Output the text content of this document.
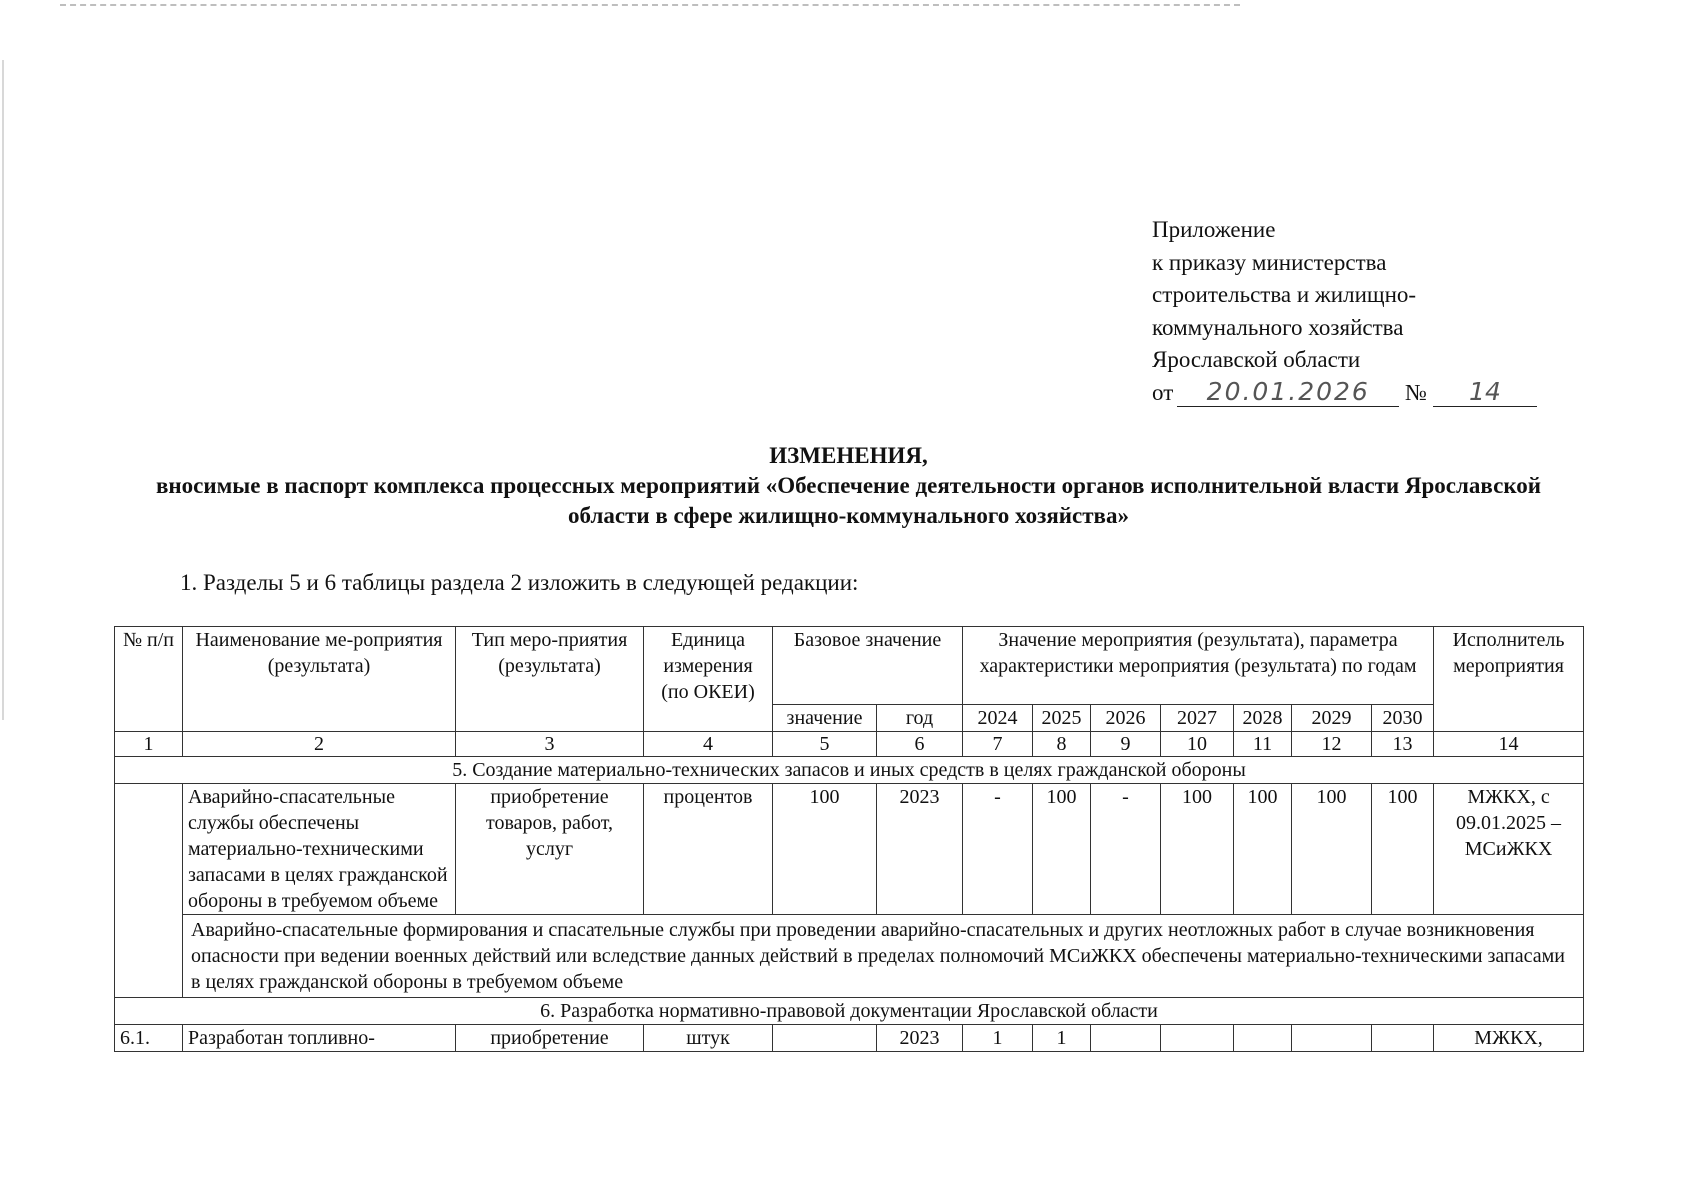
Приложение
к приказу министерства
строительства и жилищно-
коммунального хозяйства
Ярославской области
от 20.01.2026 № 14
ИЗМЕНЕНИЯ,
вносимые в паспорт комплекса процессных мероприятий «Обеспечение деятельности органов исполнительной власти Ярославской области в сфере жилищно-коммунального хозяйства»
1. Разделы 5 и 6 таблицы раздела 2 изложить в следующей редакции:
№ п/п	Наименование ме-роприятия (результата)	Тип меро-приятия (результата)	Единица измерения (по ОКЕИ)	Базовое значение		Значение мероприятия (результата), параметра характеристики мероприятия (результата) по годам							Исполнитель мероприятия
				значение	год	2024	2025	2026	2027	2028	2029	2030	
1	2	3	4	5	6	7	8	9	10	11	12	13	14
5. Создание материально-технических запасов и иных средств в целях гражданской обороны													
	Аварийно-спасательные службы обеспечены материально-техническими запасами в целях гражданской обороны в требуемом объеме	приобретение товаров, работ, услуг	процентов	100	2023	-	100	-	100	100	100	100	МЖКХ, с 09.01.2025 – МСиЖКХ
	Аварийно-спасательные формирования и спасательные службы при проведении аварийно-спасательных и других неотложных работ в случае возникновения опасности при ведении военных действий или вследствие данных действий в пределах полномочий МСиЖКХ обеспечены материально-техническими запасами в целях гражданской обороны в требуемом объеме												
6. Разработка нормативно-правовой документации Ярославской области													
6.1.	Разработан топливно-	приобретение	штук		2023	1	1						МЖКХ,
